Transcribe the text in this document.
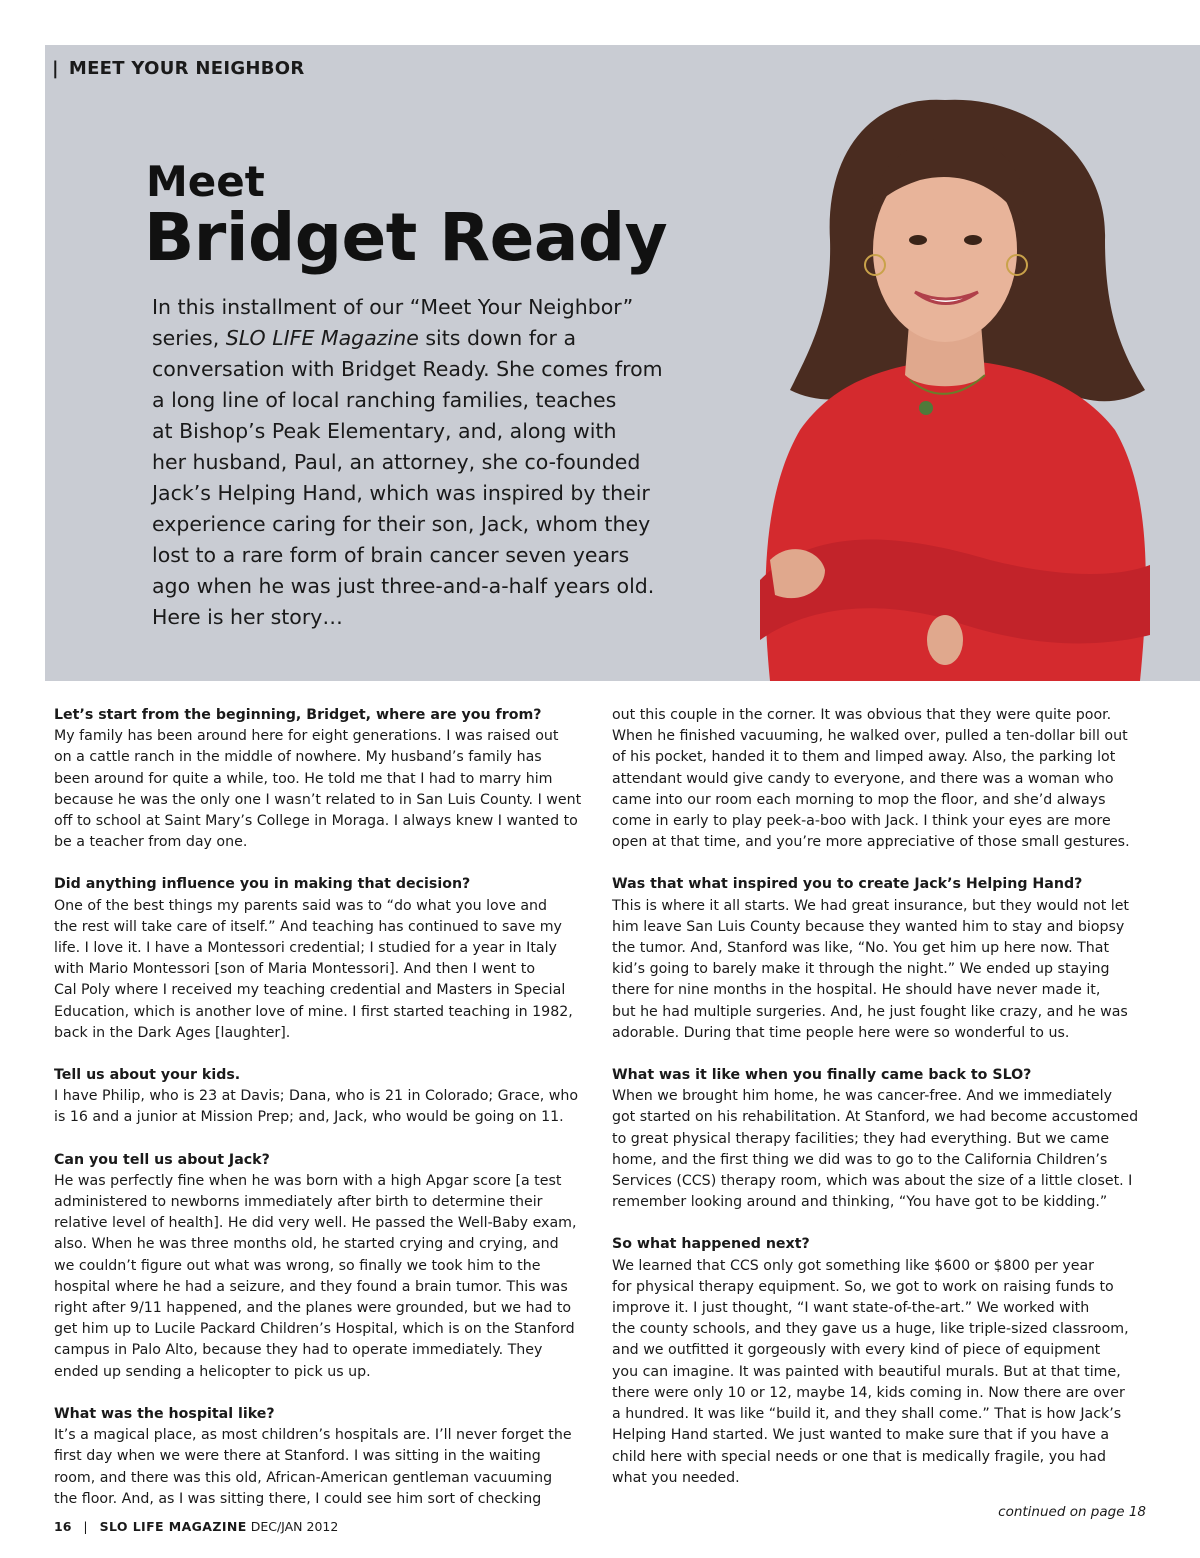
| MEET YOUR NEIGHBOR
Meet
Bridget Ready
In this installment of our “Meet Your Neighbor”
series, SLO LIFE Magazine sits down for a
conversation with Bridget Ready. She comes from
a long line of local ranching families, teaches
at Bishop’s Peak Elementary, and, along with
her husband, Paul, an attorney, she co-founded
Jack’s Helping Hand, which was inspired by their
experience caring for their son, Jack, whom they
lost to a rare form of brain cancer seven years
ago when he was just three-and-a-half years old.
Here is her story…
Let’s start from the beginning, Bridget, where are you from?
My family has been around here for eight generations. I was raised out
on a cattle ranch in the middle of nowhere. My husband’s family has
been around for quite a while, too. He told me that I had to marry him
because he was the only one I wasn’t related to in San Luis County. I went
off to school at Saint Mary’s College in Moraga. I always knew I wanted to
be a teacher from day one.
Did anything influence you in making that decision?
One of the best things my parents said was to “do what you love and
the rest will take care of itself.” And teaching has continued to save my
life. I love it. I have a Montessori credential; I studied for a year in Italy
with Mario Montessori [son of Maria Montessori]. And then I went to
Cal Poly where I received my teaching credential and Masters in Special
Education, which is another love of mine. I first started teaching in 1982,
back in the Dark Ages [laughter].
Tell us about your kids.
I have Philip, who is 23 at Davis; Dana, who is 21 in Colorado; Grace, who
is 16 and a junior at Mission Prep; and, Jack, who would be going on 11.
Can you tell us about Jack?
He was perfectly fine when he was born with a high Apgar score [a test
administered to newborns immediately after birth to determine their
relative level of health]. He did very well. He passed the Well-Baby exam,
also. When he was three months old, he started crying and crying, and
we couldn’t figure out what was wrong, so finally we took him to the
hospital where he had a seizure, and they found a brain tumor. This was
right after 9/11 happened, and the planes were grounded, but we had to
get him up to Lucile Packard Children’s Hospital, which is on the Stanford
campus in Palo Alto, because they had to operate immediately. They
ended up sending a helicopter to pick us up.
What was the hospital like?
It’s a magical place, as most children’s hospitals are. I’ll never forget the
first day when we were there at Stanford. I was sitting in the waiting
room, and there was this old, African-American gentleman vacuuming
the floor. And, as I was sitting there, I could see him sort of checking
out this couple in the corner. It was obvious that they were quite poor.
When he finished vacuuming, he walked over, pulled a ten-dollar bill out
of his pocket, handed it to them and limped away. Also, the parking lot
attendant would give candy to everyone, and there was a woman who
came into our room each morning to mop the floor, and she’d always
come in early to play peek-a-boo with Jack. I think your eyes are more
open at that time, and you’re more appreciative of those small gestures.
Was that what inspired you to create Jack’s Helping Hand?
This is where it all starts. We had great insurance, but they would not let
him leave San Luis County because they wanted him to stay and biopsy
the tumor. And, Stanford was like, “No. You get him up here now. That
kid’s going to barely make it through the night.” We ended up staying
there for nine months in the hospital. He should have never made it,
but he had multiple surgeries. And, he just fought like crazy, and he was
adorable. During that time people here were so wonderful to us.
What was it like when you finally came back to SLO?
When we brought him home, he was cancer-free. And we immediately
got started on his rehabilitation. At Stanford, we had become accustomed
to great physical therapy facilities; they had everything. But we came
home, and the first thing we did was to go to the California Children’s
Services (CCS) therapy room, which was about the size of a little closet. I
remember looking around and thinking, “You have got to be kidding.”
So what happened next?
We learned that CCS only got something like $600 or $800 per year
for physical therapy equipment. So, we got to work on raising funds to
improve it. I just thought, “I want state-of-the-art.” We worked with
the county schools, and they gave us a huge, like triple-sized classroom,
and we outfitted it gorgeously with every kind of piece of equipment
you can imagine. It was painted with beautiful murals. But at that time,
there were only 10 or 12, maybe 14, kids coming in. Now there are over
a hundred. It was like “build it, and they shall come.” That is how Jack’s
Helping Hand started. We just wanted to make sure that if you have a
child here with special needs or one that is medically fragile, you had
what you needed.
continued on page 18
16 | SLO LIFE MAGAZINE DEC/JAN 2012
